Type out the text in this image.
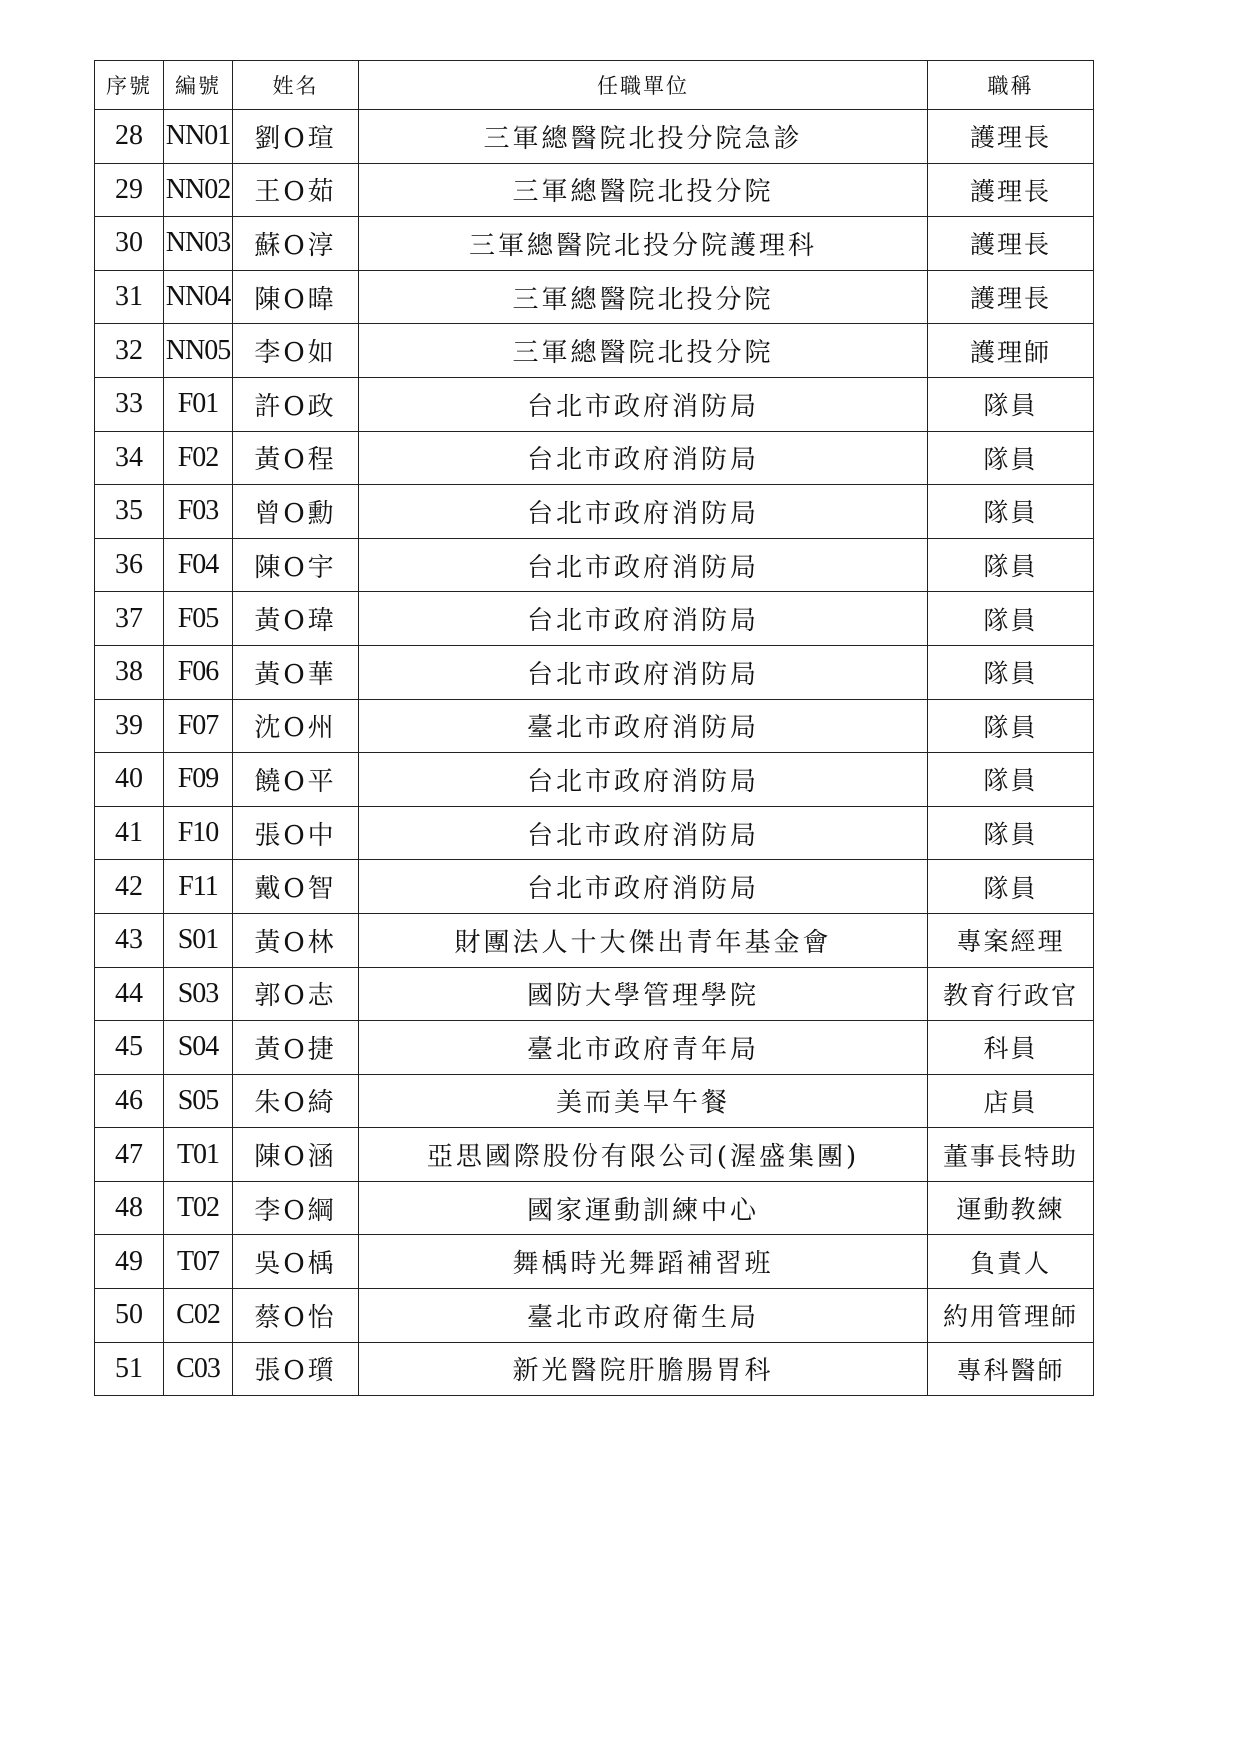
序號	編號	姓名	任職單位	職稱
28	NN01	劉O瑄	三軍總醫院北投分院急診	護理長
29	NN02	王O茹	三軍總醫院北投分院	護理長
30	NN03	蘇O淳	三軍總醫院北投分院護理科	護理長
31	NN04	陳O暐	三軍總醫院北投分院	護理長
32	NN05	李O如	三軍總醫院北投分院	護理師
33	F01	許O政	台北市政府消防局	隊員
34	F02	黃O程	台北市政府消防局	隊員
35	F03	曾O勳	台北市政府消防局	隊員
36	F04	陳O宇	台北市政府消防局	隊員
37	F05	黃O瑋	台北市政府消防局	隊員
38	F06	黃O華	台北市政府消防局	隊員
39	F07	沈O州	臺北市政府消防局	隊員
40	F09	饒O平	台北市政府消防局	隊員
41	F10	張O中	台北市政府消防局	隊員
42	F11	戴O智	台北市政府消防局	隊員
43	S01	黃O林	財團法人十大傑出青年基金會	專案經理
44	S03	郭O志	國防大學管理學院	教育行政官
45	S04	黃O捷	臺北市政府青年局	科員
46	S05	朱O綺	美而美早午餐	店員
47	T01	陳O涵	亞思國際股份有限公司(渥盛集團)	董事長特助
48	T02	李O綱	國家運動訓練中心	運動教練
49	T07	吳O楀	舞楀時光舞蹈補習班	負責人
50	C02	蔡O怡	臺北市政府衛生局	約用管理師
51	C03	張O瓆	新光醫院肝膽腸胃科	專科醫師
